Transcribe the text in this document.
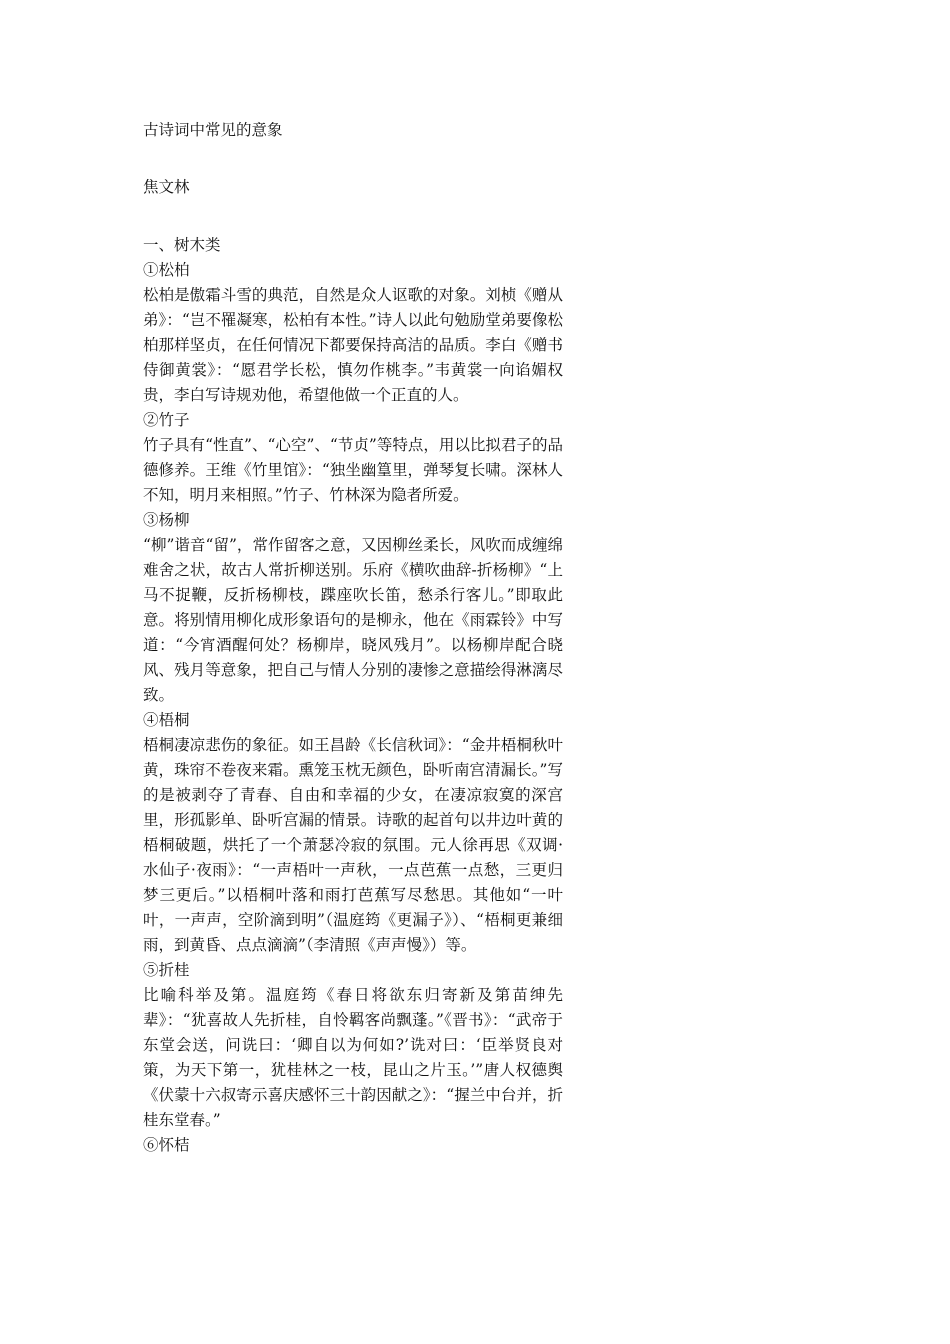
古诗词中常见的意象

焦文林

一、树木类

①松柏

松柏是傲霜斗雪的典范，自然是众人讴歌的对象。刘桢《赠从弟》：“岂不罹凝寒，松柏有本性。”诗人以此句勉励堂弟要像松柏那样坚贞，在任何情况下都要保持高洁的品质。李白《赠书侍御黄裳》：“愿君学长松，慎勿作桃李。”韦黄裳一向谄媚权贵，李白写诗规劝他，希望他做一个正直的人。

②竹子

竹子具有“性直”、“心空”、“节贞”等特点，用以比拟君子的品德修养。王维《竹里馆》：“独坐幽篁里，弹琴复长啸。深林人不知，明月来相照。”竹子、竹林深为隐者所爱。

③杨柳

“柳”谐音“留”，常作留客之意，又因柳丝柔长，风吹而成缠绵难舍之状，故古人常折柳送别。乐府《横吹曲辞-折杨柳》“上马不捉鞭，反折杨柳枝，蹀座吹长笛，愁杀行客儿。”即取此意。将别情用柳化成形象语句的是柳永，他在《雨霖铃》中写道：“今宵酒醒何处？杨柳岸，晓风残月”。以杨柳岸配合晓风、残月等意象，把自己与情人分别的凄惨之意描绘得淋漓尽致。

④梧桐

梧桐凄凉悲伤的象征。如王昌龄《长信秋词》：“金井梧桐秋叶黄，珠帘不卷夜来霜。熏笼玉枕无颜色，卧听南宫清漏长。”写的是被剥夺了青春、自由和幸福的少女，在凄凉寂寞的深宫里，形孤影单、卧听宫漏的情景。诗歌的起首句以井边叶黄的梧桐破题，烘托了一个萧瑟冷寂的氛围。元人徐再思《双调·水仙子·夜雨》：“一声梧叶一声秋，一点芭蕉一点愁，三更归梦三更后。”以梧桐叶落和雨打芭蕉写尽愁思。其他如“一叶叶，一声声，空阶滴到明”（温庭筠《更漏子》）、“梧桐更兼细雨，到黄昏、点点滴滴”（李清照《声声慢》）等。

⑤折桂

比喻科举及第。温庭筠《春日将欲东归寄新及第苗绅先辈》：“犹喜故人先折桂，自怜羁客尚飘蓬。”《晋书》：“武帝于东堂会送，问诜曰：‘卿自以为何如?’诜对曰：‘臣举贤良对策，为天下第一，犹桂林之一枝，昆山之片玉。’”唐人权德舆《伏蒙十六叔寄示喜庆感怀三十韵因献之》：“握兰中台并，折桂东堂春。”

⑥怀桔
